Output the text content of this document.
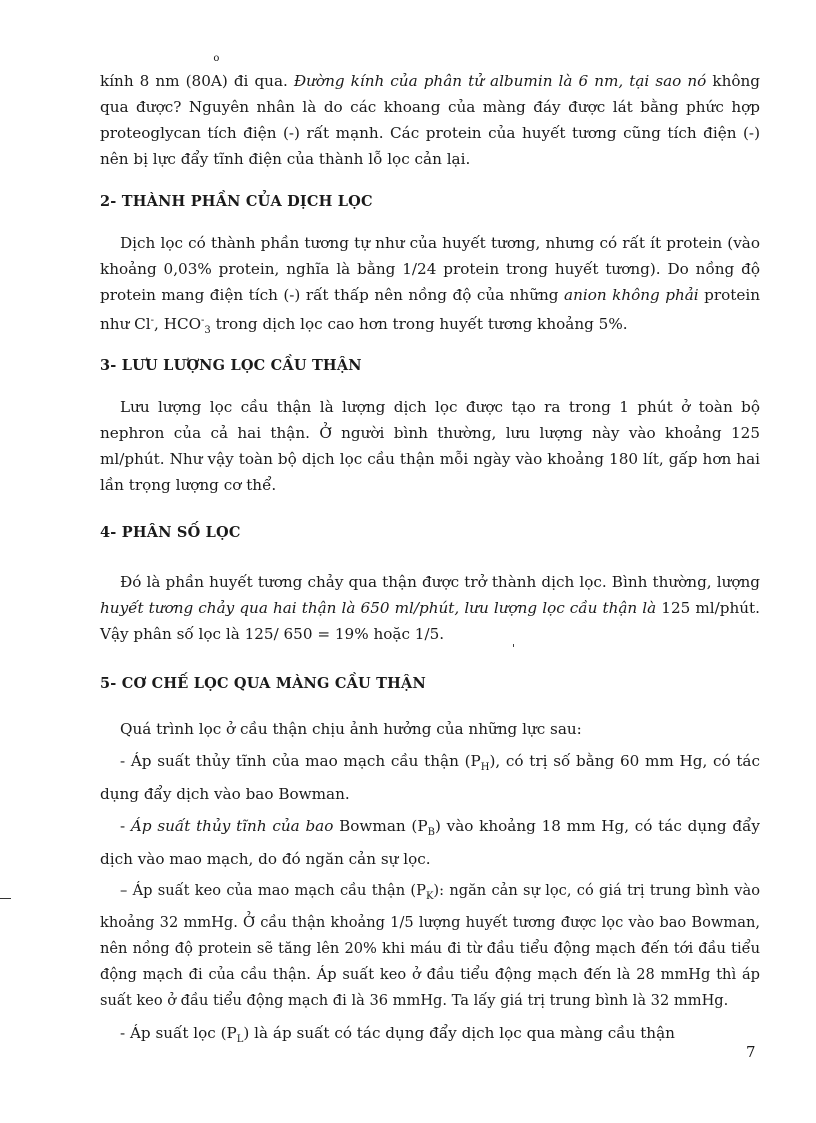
kính 8 nm (80
o
A) đi qua. Đường kính của phân tử albumin là 6 nm, tại sao nó không qua được? Nguyên nhân là do các khoang của màng đáy được lát bằng phức hợp proteoglycan tích điện (-) rất mạnh. Các protein của huyết tương cũng tích điện (-) nên bị lực đẩy tĩnh điện của thành lỗ lọc cản lại.

2- THÀNH PHẦN CỦA DỊCH LỌC

Dịch lọc có thành phần tương tự như của huyết tương, nhưng có rất ít protein (vào khoảng 0,03% protein, nghĩa là bằng 1/24 protein trong huyết tương). Do nồng độ protein mang điện tích (-) rất thấp nên nồng độ của những anion không phải protein như Cl-, $HCO^-_3$ trong dịch lọc cao hơn trong huyết tương khoảng 5%.

3- LƯU LƯỢNG LỌC CẦU THẬN

Lưu lượng lọc cầu thận là lượng dịch lọc được tạo ra trong 1 phút ở toàn bộ nephron của cả hai thận. Ở người bình thường, lưu lượng này vào khoảng 125 ml/phút. Như vậy toàn bộ dịch lọc cầu thận mỗi ngày vào khoảng 180 lít, gấp hơn hai lần trọng lượng cơ thể.

4- PHÂN SỐ LỌC

Đó là phần huyết tương chảy qua thận được trở thành dịch lọc. Bình thường, lượng huyết tương chảy qua hai thận là 650 ml/phút, lưu lượng lọc cầu thận là 125 ml/phút. Vậy phân số lọc là 125/ 650 = 19% hoặc 1/5.

'
5- CƠ CHẾ LỌC QUA MÀNG CẦU THẬN

Quá trình lọc ở cầu thận chịu ảnh hưởng của những lực sau:

- Áp suất thủy tĩnh của mao mạch cầu thận $(P_H)$, có trị số bằng 60 mm Hg, có tác dụng đẩy dịch vào bao Bowman.

- Áp suất thủy tĩnh của bao Bowman $(P_B)$ vào khoảng 18 mm Hg, có tác dụng đẩy dịch vào mao mạch, do đó ngăn cản sự lọc.

– Áp suất keo của mao mạch cầu thận $(P_K)$: ngăn cản sự lọc, có giá trị trung bình vào khoảng 32 mmHg. Ở cầu thận khoảng 1/5 lượng huyết tương được lọc vào bao Bowman, nên nồng độ protein sẽ tăng lên 20% khi máu đi từ đầu tiểu động mạch đến tới đầu tiểu động mạch đi của cầu thận. Áp suất keo ở đầu tiểu động mạch đến là 28 mmHg thì áp suất keo ở đầu tiểu động mạch đi là 36 mmHg. Ta lấy giá trị trung bình là 32 mmHg.

- Áp suất lọc $(P_L)$ là áp suất có tác dụng đẩy dịch lọc qua màng cầu thận

7
